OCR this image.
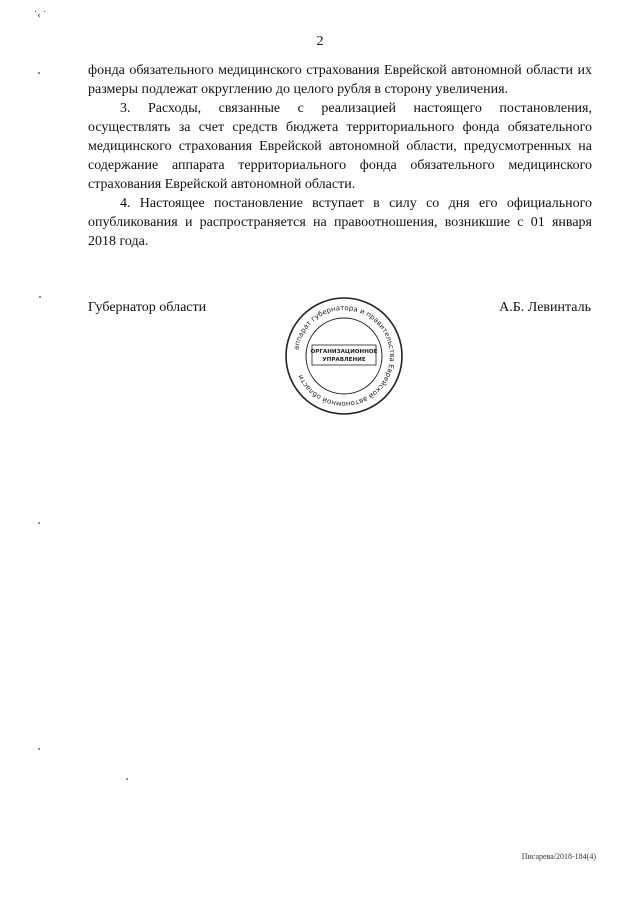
˙‹ ˙
2

фонда обязательного медицинского страхования Еврейской автономной области их размеры подлежат округлению до целого рубля в сторону увеличения.

3. Расходы, связанные с реализацией настоящего постановления, осуществлять за счет средств бюджета территориального фонда обязательного медицинского страхования Еврейской автономной области, предусмотренных на содержание аппарата территориального фонда обязательного медицинского страхования Еврейской автономной области.

4. Настоящее постановление вступает в силу со дня его официального опубликования и распространяется на правоотношения, возникшие с 01 января 2018 года.

Губернатор области	А.Б. Левинталь
аппарат губернатора и правительства Еврейской автономной области
ОРГАНИЗАЦИОННОЕ
УПРАВЛЕНИЕ
Писарева/2018-184(4)
